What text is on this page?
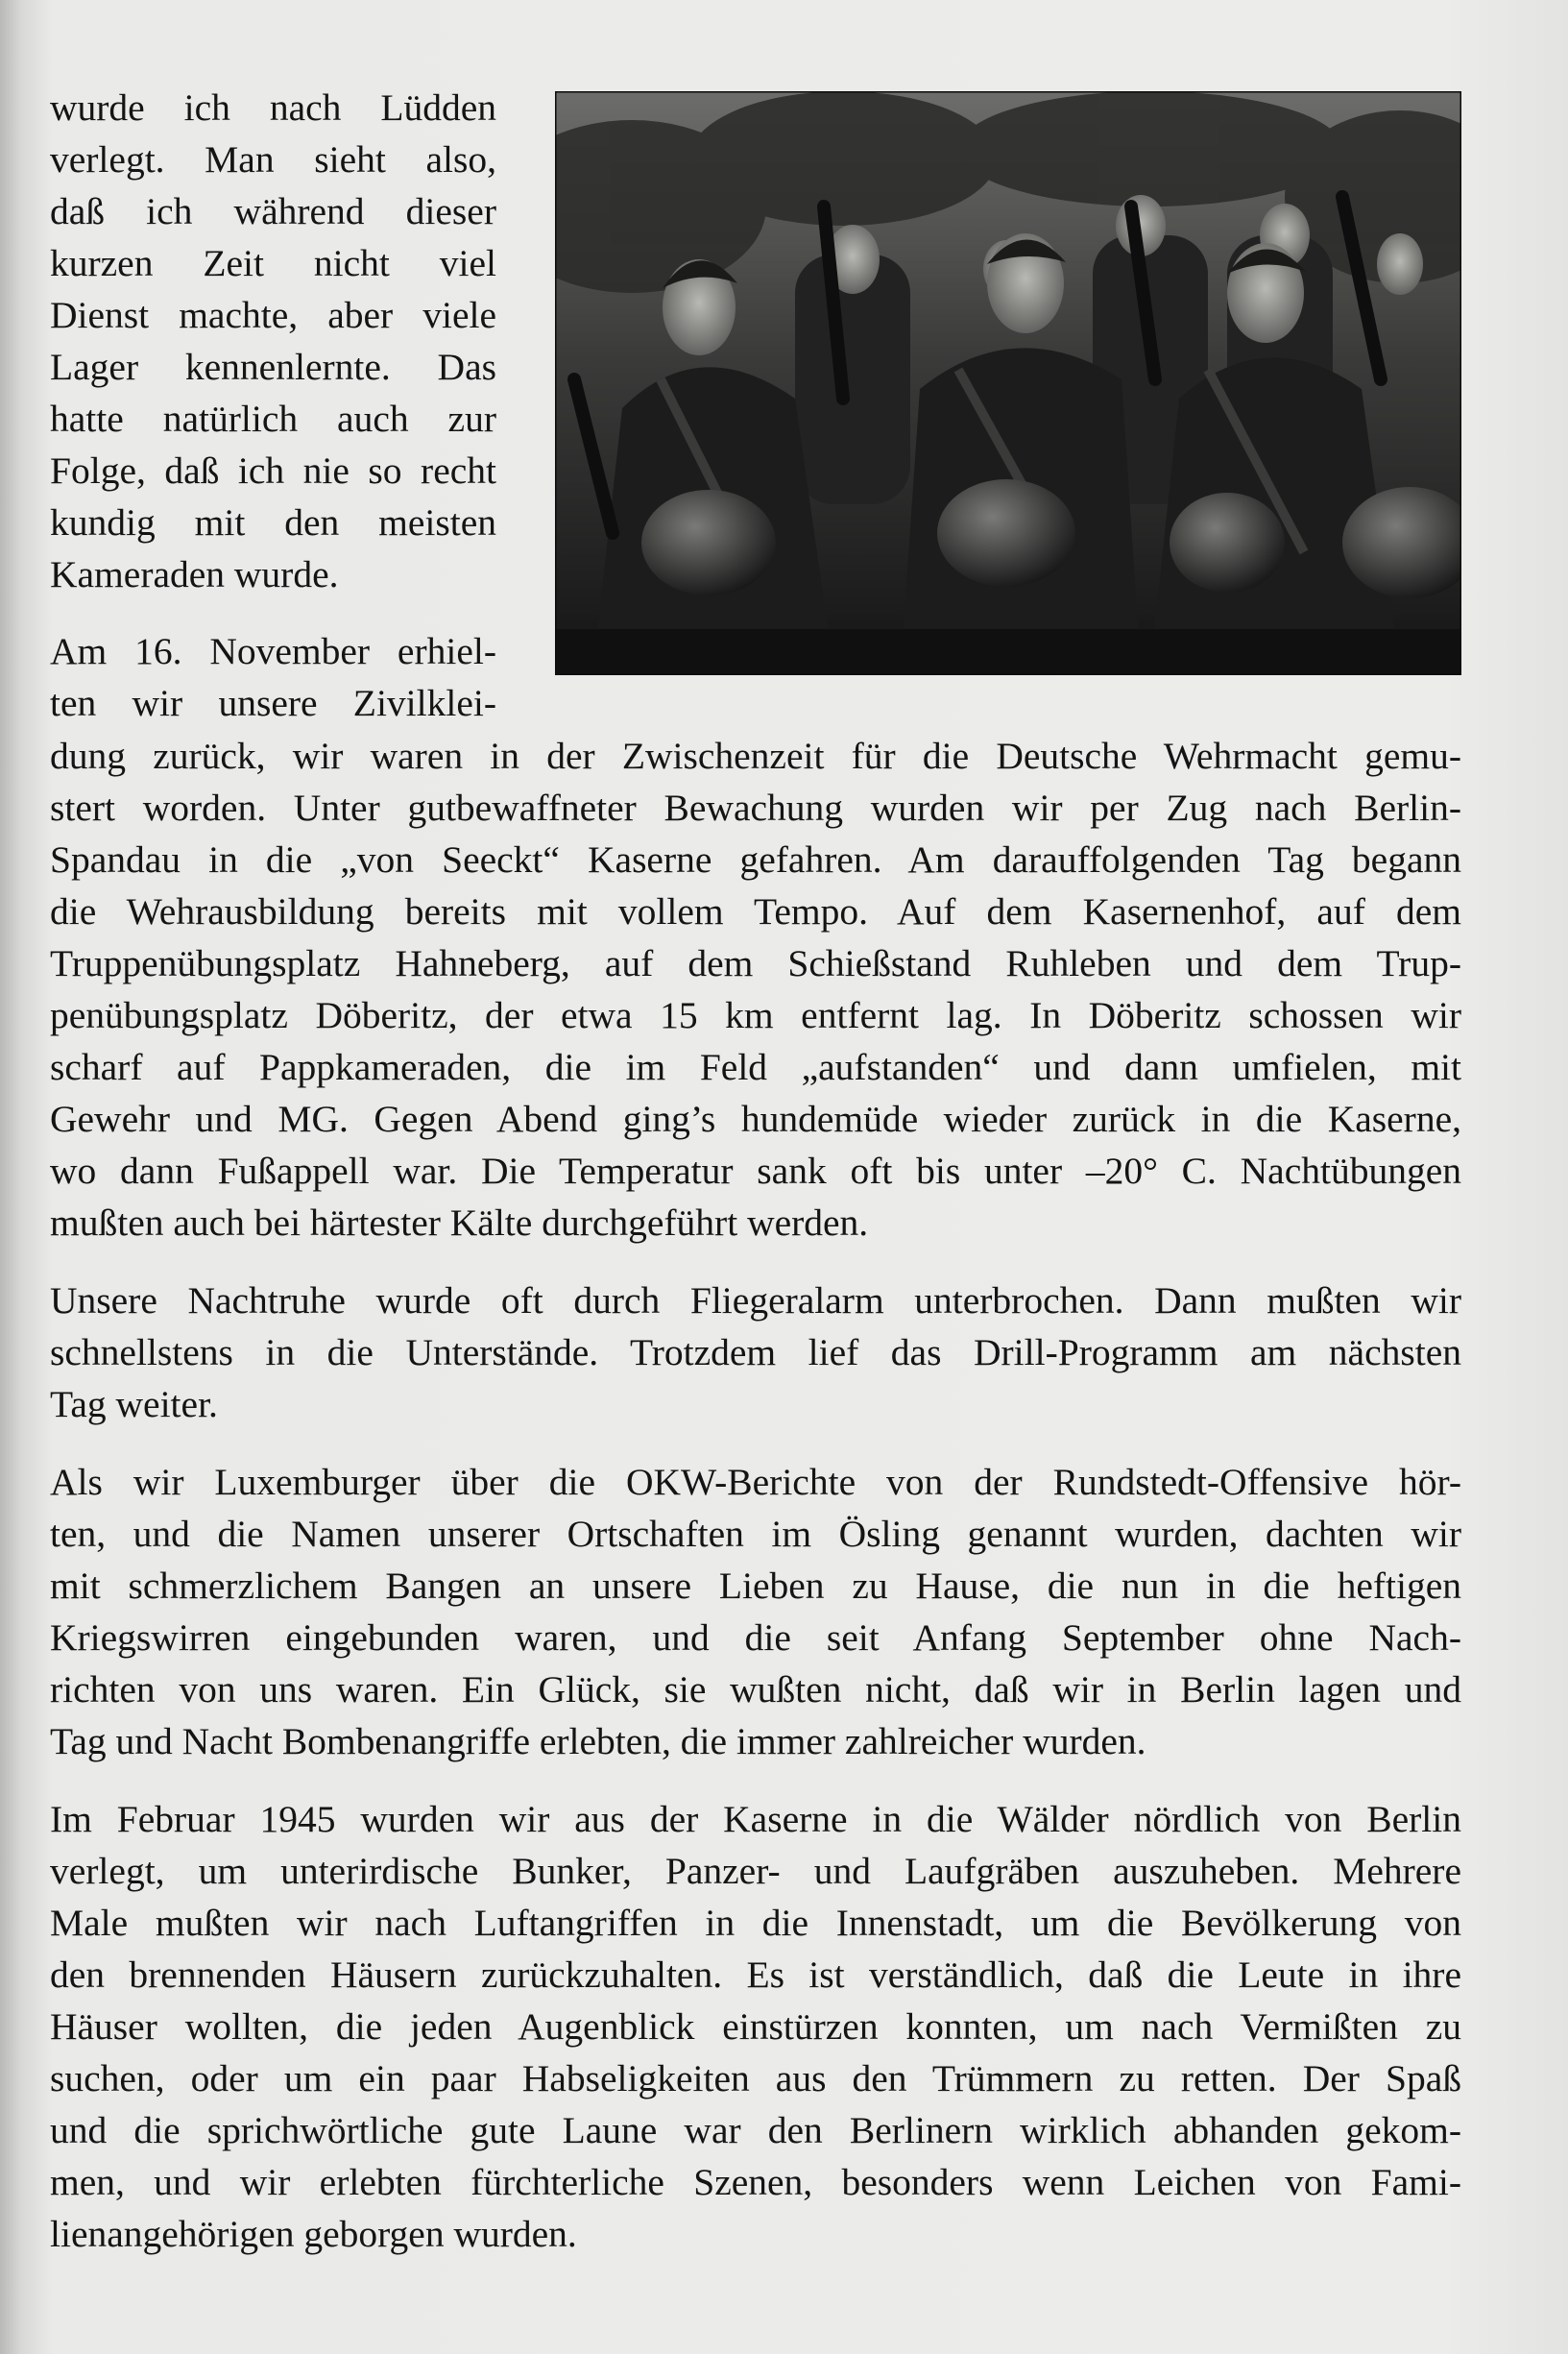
wurde ich nach Lüdden
verlegt. Man sieht also,
daß ich während dieser
kurzen Zeit nicht viel
Dienst machte, aber viele
Lager kennenlernte. Das
hatte natürlich auch zur
Folge, daß ich nie so recht
kundig mit den meisten
Kameraden wurde.

Am 16. November erhiel-
ten wir unsere Zivilklei-

dung zurück, wir waren in der Zwischenzeit für die Deutsche Wehrmacht gemu-
stert worden. Unter gutbewaffneter Bewachung wurden wir per Zug nach Berlin-
Spandau in die „von Seeckt“ Kaserne gefahren. Am darauffolgenden Tag begann
die Wehrausbildung bereits mit vollem Tempo. Auf dem Kasernenhof, auf dem
Truppenübungsplatz Hahneberg, auf dem Schießstand Ruhleben und dem Trup-
penübungsplatz Döberitz, der etwa 15 km entfernt lag. In Döberitz schossen wir
scharf auf Pappkameraden, die im Feld „aufstanden“ und dann umfielen, mit
Gewehr und MG. Gegen Abend ging’s hundemüde wieder zurück in die Kaserne,
wo dann Fußappell war. Die Temperatur sank oft bis unter –20° C. Nachtübungen
mußten auch bei härtester Kälte durchgeführt werden.

Unsere Nachtruhe wurde oft durch Fliegeralarm unterbrochen. Dann mußten wir
schnellstens in die Unterstände. Trotzdem lief das Drill-Programm am nächsten
Tag weiter.

Als wir Luxemburger über die OKW-Berichte von der Rundstedt-Offensive hör-
ten, und die Namen unserer Ortschaften im Ösling genannt wurden, dachten wir
mit schmerzlichem Bangen an unsere Lieben zu Hause, die nun in die heftigen
Kriegswirren eingebunden waren, und die seit Anfang September ohne Nach-
richten von uns waren. Ein Glück, sie wußten nicht, daß wir in Berlin lagen und
Tag und Nacht Bombenangriffe erlebten, die immer zahlreicher wurden.

Im Februar 1945 wurden wir aus der Kaserne in die Wälder nördlich von Berlin
verlegt, um unterirdische Bunker, Panzer- und Laufgräben auszuheben. Mehrere
Male mußten wir nach Luftangriffen in die Innenstadt, um die Bevölkerung von
den brennenden Häusern zurückzuhalten. Es ist verständlich, daß die Leute in ihre
Häuser wollten, die jeden Augenblick einstürzen konnten, um nach Vermißten zu
suchen, oder um ein paar Habseligkeiten aus den Trümmern zu retten. Der Spaß
und die sprichwörtliche gute Laune war den Berlinern wirklich abhanden gekom-
men, und wir erlebten fürchterliche Szenen, besonders wenn Leichen von Fami-
lienangehörigen geborgen wurden.
